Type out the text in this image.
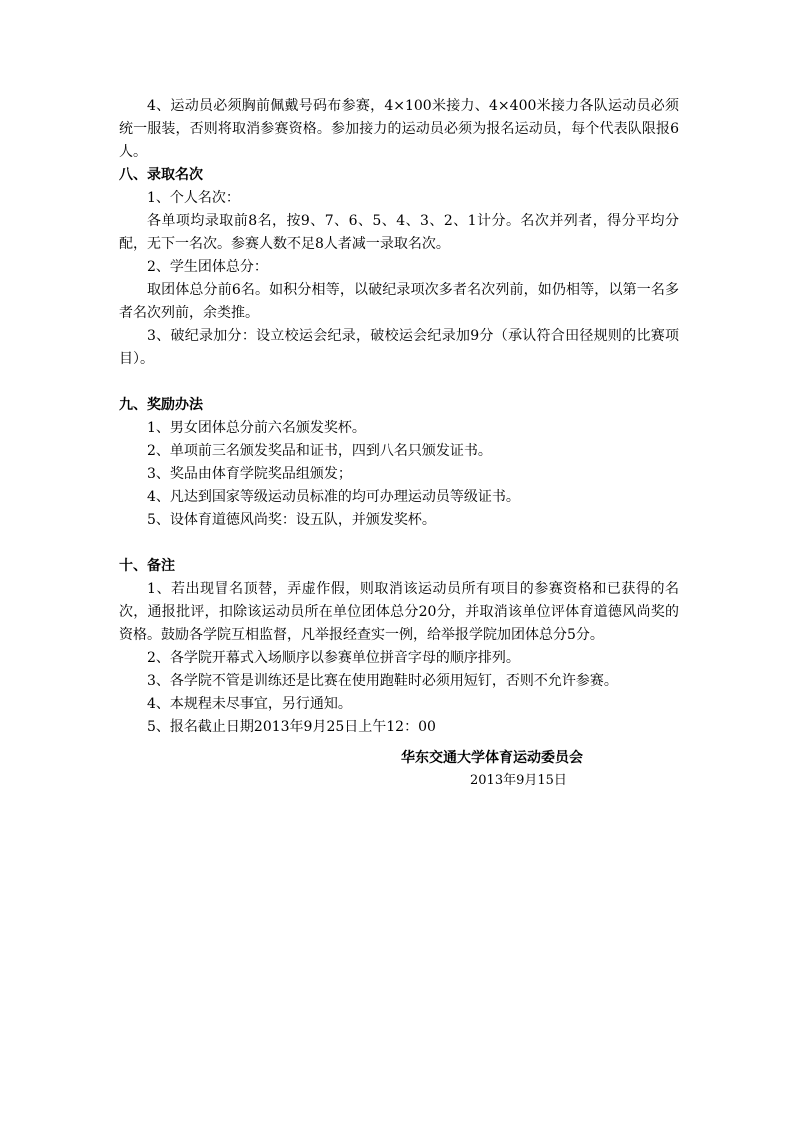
4、运动员必须胸前佩戴号码布参赛，4×100米接力、4×400米接力各队运动员必须统一服装，否则将取消参赛资格。参加接力的运动员必须为报名运动员，每个代表队限报6人。

八、录取名次

1、个人名次：

各单项均录取前8名，按9、7、6、5、4、3、2、1计分。名次并列者，得分平均分配，无下一名次。参赛人数不足8人者减一录取名次。

2、学生团体总分：

取团体总分前6名。如积分相等，以破纪录项次多者名次列前，如仍相等，以第一名多者名次列前，余类推。

3、破纪录加分：设立校运会纪录，破校运会纪录加9分（承认符合田径规则的比赛项目）。

九、奖励办法

1、男女团体总分前六名颁发奖杯。

2、单项前三名颁发奖品和证书，四到八名只颁发证书。

3、奖品由体育学院奖品组颁发；

4、凡达到国家等级运动员标准的均可办理运动员等级证书。

5、设体育道德风尚奖：设五队，并颁发奖杯。

十、备注

1、若出现冒名顶替，弄虚作假，则取消该运动员所有项目的参赛资格和已获得的名次，通报批评，扣除该运动员所在单位团体总分20分，并取消该单位评体育道德风尚奖的资格。鼓励各学院互相监督，凡举报经查实一例，给举报学院加团体总分5分。

2、各学院开幕式入场顺序以参赛单位拼音字母的顺序排列。

3、各学院不管是训练还是比赛在使用跑鞋时必须用短钉，否则不允许参赛。

4、本规程未尽事宜，另行通知。

5、报名截止日期2013年9月25日上午12：00

华东交通大学体育运动委员会

2013年9月15日
